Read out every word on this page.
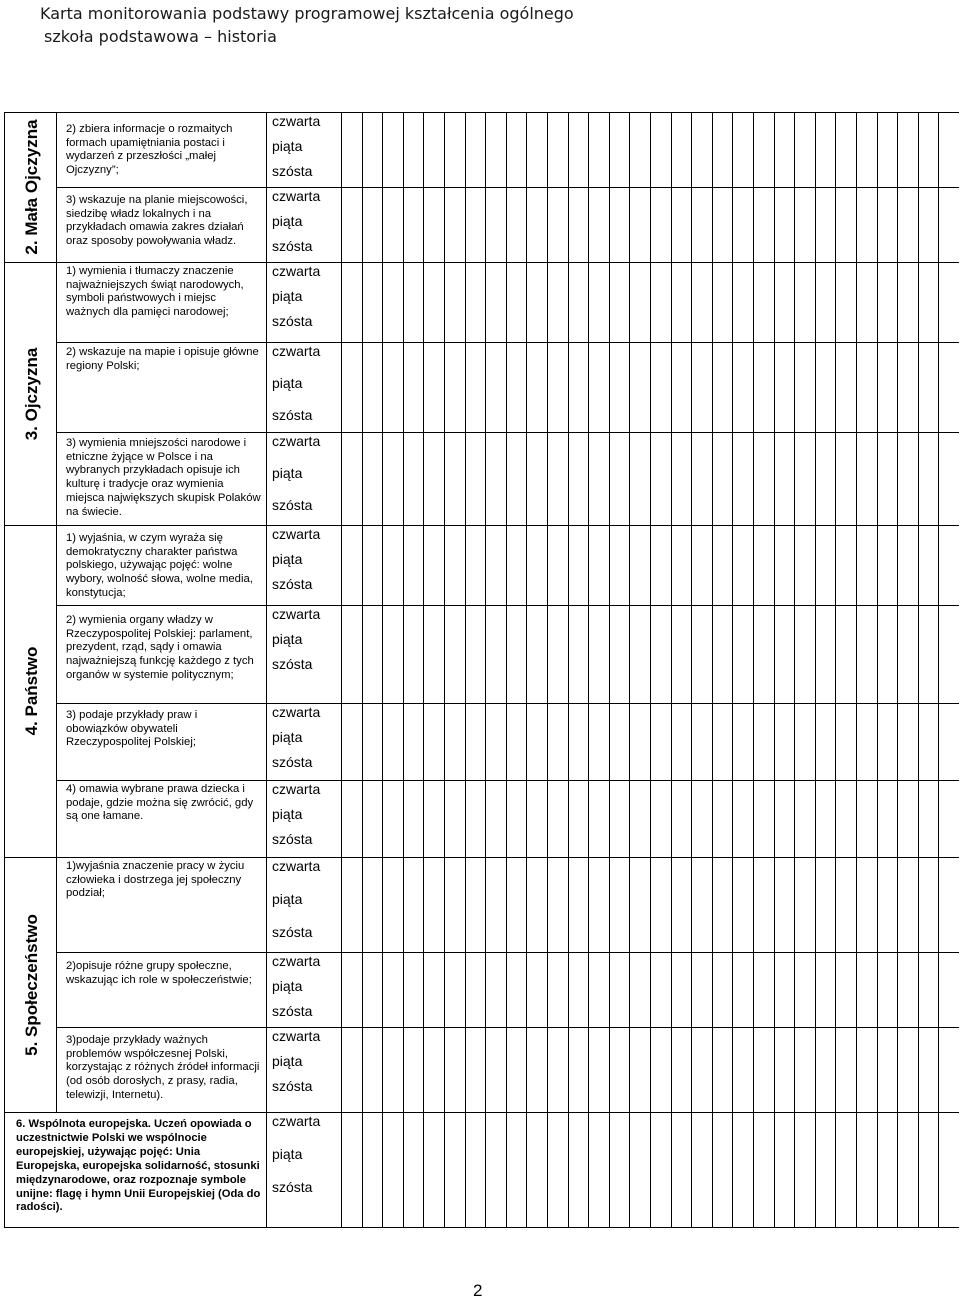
Karta monitorowania podstawy programowej kształcenia ogólnego
szkoła podstawowa – historia
2. Mała Ojczyzna
3. Ojczyzna
4. Państwo
5. Społeczeństwo
2) zbiera informacje o rozmaitych formach upamiętniania postaci i wydarzeń z przeszłości „małej Ojczyzny”;
3) wskazuje na planie miejscowości, siedzibę władz lokalnych i na przykładach omawia zakres działań oraz sposoby powoływania władz.
1) wymienia i tłumaczy znaczenie najważniejszych świąt narodowych, symboli państwowych i miejsc ważnych dla pamięci narodowej;
2) wskazuje na mapie i opisuje główne regiony Polski;
3) wymienia mniejszości narodowe i etniczne żyjące w Polsce i na wybranych przykładach opisuje ich kulturę i tradycje oraz wymienia miejsca największych skupisk Polaków na świecie.
1) wyjaśnia, w czym wyraża się demokratyczny charakter państwa polskiego, używając pojęć: wolne wybory, wolność słowa, wolne media, konstytucja;
2) wymienia organy władzy w Rzeczypospolitej Polskiej: parlament, prezydent, rząd, sądy i omawia najważniejszą funkcję każdego z tych organów w systemie politycznym;
3) podaje przykłady praw i obowiązków obywateli Rzeczypospolitej Polskiej;
4) omawia wybrane prawa dziecka i podaje, gdzie można się zwrócić, gdy są one łamane.
1)wyjaśnia znaczenie pracy w życiu człowieka i dostrzega jej społeczny podział;
2)opisuje różne grupy społeczne, wskazując ich role w społeczeństwie;
3)podaje przykłady ważnych problemów współczesnej Polski, korzystając z różnych źródeł informacji (od osób dorosłych, z prasy, radia, telewizji, Internetu).
6. Wspólnota europejska. Uczeń opowiada o uczestnictwie Polski we wspólnocie europejskiej, używając pojęć: Unia Europejska, europejska solidarność, stosunki międzynarodowe, oraz rozpoznaje symbole unijne: flagę i hymn Unii Europejskiej (Oda do radości).
czwarta
piąta
szósta
czwarta
piąta
szósta
czwarta
piąta
szósta
czwarta
piąta
szósta
czwarta
piąta
szósta
czwarta
piąta
szósta
czwarta
piąta
szósta
czwarta
piąta
szósta
czwarta
piąta
szósta
czwarta
piąta
szósta
czwarta
piąta
szósta
czwarta
piąta
szósta
czwarta
piąta
szósta
2
